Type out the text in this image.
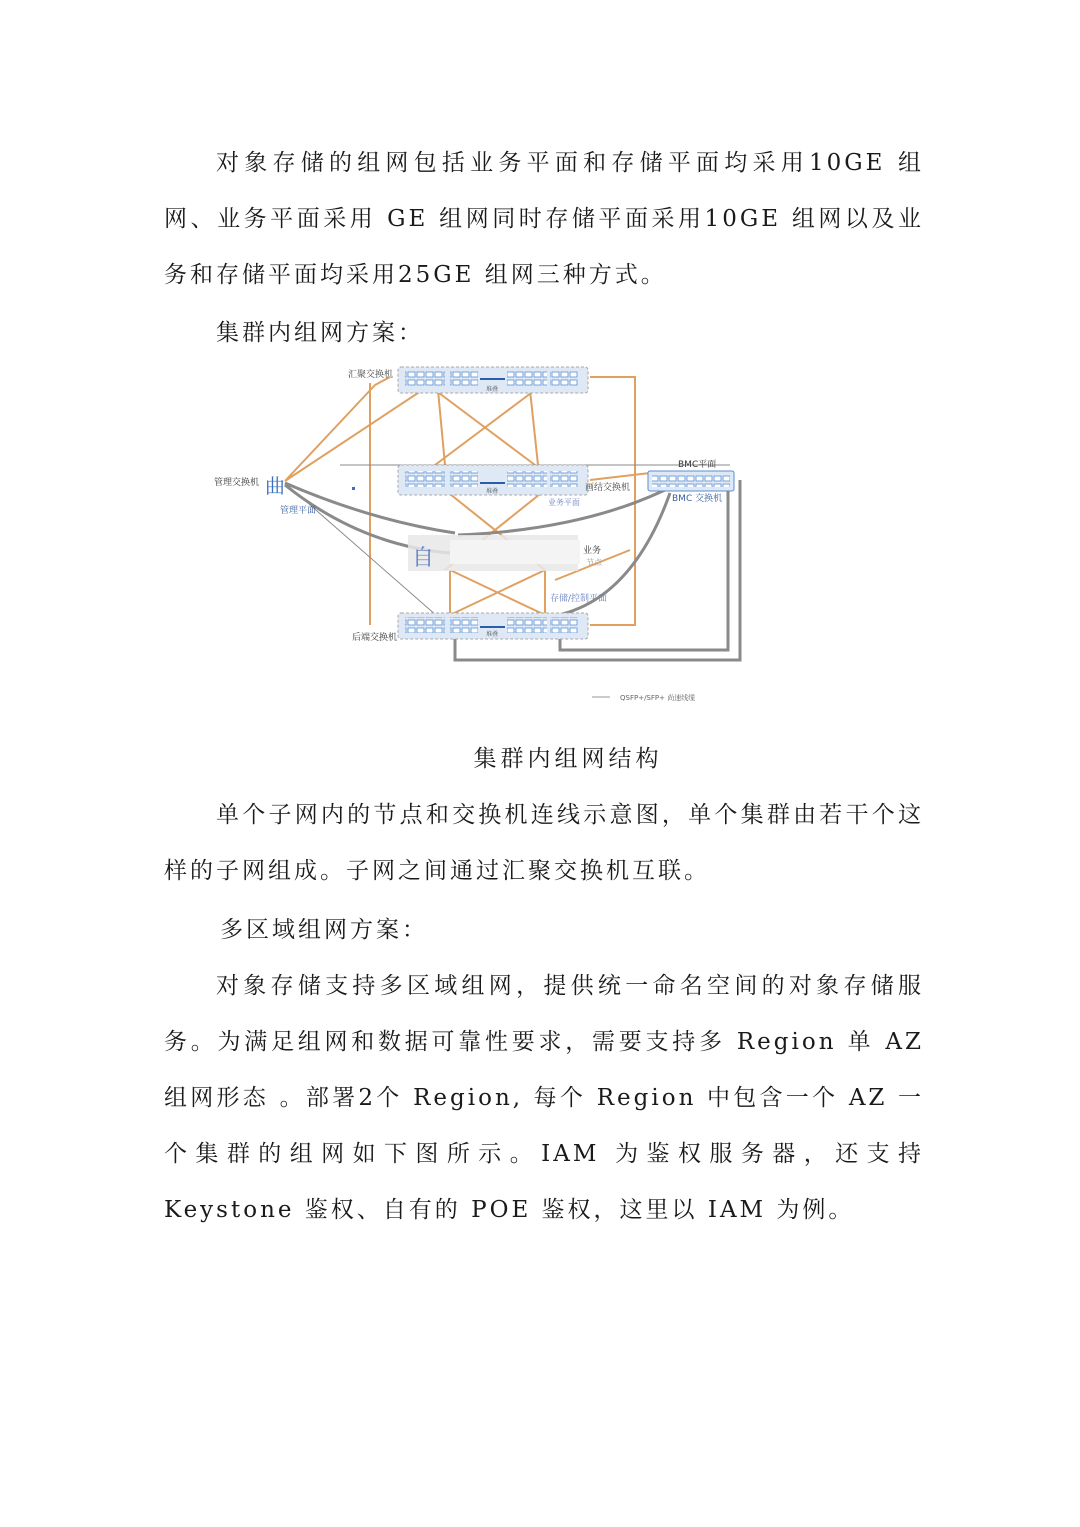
对象存储的组网包括业务平面和存储平面均采用10GE 组网、业务平面采用 GE 组网同时存储平面采用10GE 组网以及业务和存储平面均采用25GE 组网三种方式。

集群内组网方案：

堆叠
汇聚交换机
堆叠	画结交换机
业务平面
自	业务
节点
存储/控制平面
堆叠
后端交换机
管理交换机 曲
管理平面
BMC平面
BMC 交换机
QSFP+/SFP+ 尚速线缆

集群内组网结构

单个子网内的节点和交换机连线示意图，单个集群由若干个这样的子网组成。子网之间通过汇聚交换机互联。

多区域组网方案：

对象存储支持多区域组网，提供统一命名空间的对象存储服务。为满足组网和数据可靠性要求，需要支持多 Region 单 AZ 组网形态 。部署2个 Region, 每个 Region 中包含一个 AZ 一个集群的组网如下图所示。IAM 为鉴权服务器，还支持 Keystone 鉴权、自有的 POE 鉴权，这里以 IAM 为例。
